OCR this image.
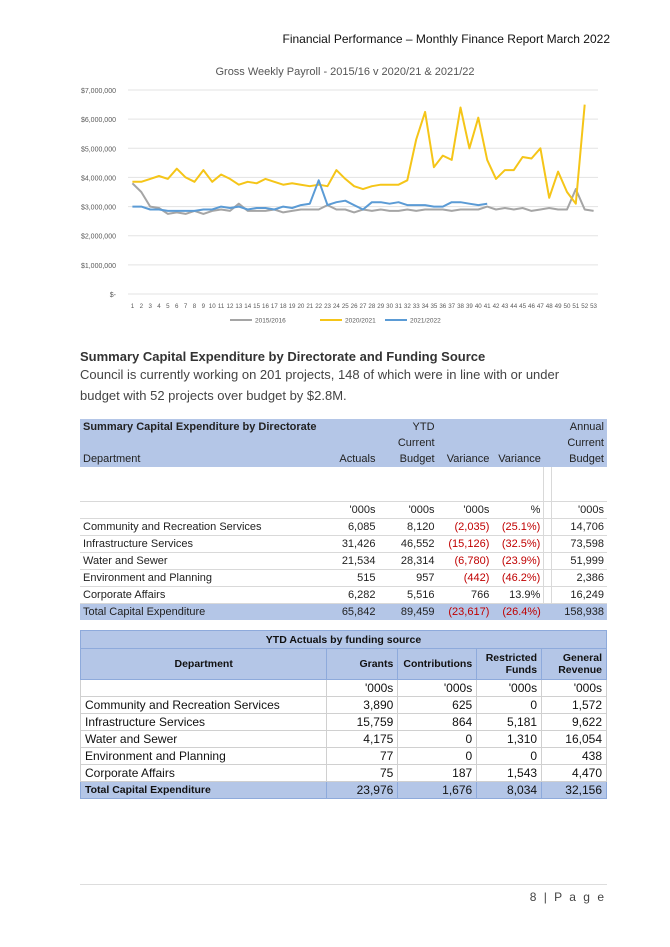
Financial Performance – Monthly Finance Report March 2022
Gross Weekly Payroll - 2015/16 v 2020/21 & 2021/22
$-
$1,000,000
$2,000,000
$3,000,000
$4,000,000
$5,000,000
$6,000,000
$7,000,000
1 2 3 4 5 6 7 8 9 10 11 12 13 14 15 16 17 18 19 20 21 22 23 24 25 26 27 28 29 30 31 32 33 34 35 36 37 38 39 40 41 42 43 44 45 46 47 48 49 50 51 52 53
2015/2016	2020/2021	2021/2022
Summary Capital Expenditure by Directorate and Funding Source
Council is currently working on 201 projects, 148 of which were in line with or under budget with 52 projects over budget by $2.8M.
Summary Capital Expenditure by Directorate		YTD				Annual
		Current				Current
Department	Actuals	Budget	Variance	Variance		Budget

	'000s	'000s	'000s	%		'000s
Community and Recreation Services	6,085	8,120	(2,035)	(25.1%)		14,706
Infrastructure Services	31,426	46,552	(15,126)	(32.5%)		73,598
Water and Sewer	21,534	28,314	(6,780)	(23.9%)		51,999
Environment and Planning	515	957	(442)	(46.2%)		2,386
Corporate Affairs	6,282	5,516	766	13.9%		16,249
Total Capital Expenditure	65,842	89,459	(23,617)	(26.4%)		158,938
YTD Actuals by funding source				
Department	Grants	Contributions	Restricted Funds	General Revenue
	'000s	'000s	'000s	'000s
Community and Recreation Services	3,890	625	0	1,572
Infrastructure Services	15,759	864	5,181	9,622
Water and Sewer	4,175	0	1,310	16,054
Environment and Planning	77	0	0	438
Corporate Affairs	75	187	1,543	4,470
Total Capital Expenditure	23,976	1,676	8,034	32,156
8 | P a g e
